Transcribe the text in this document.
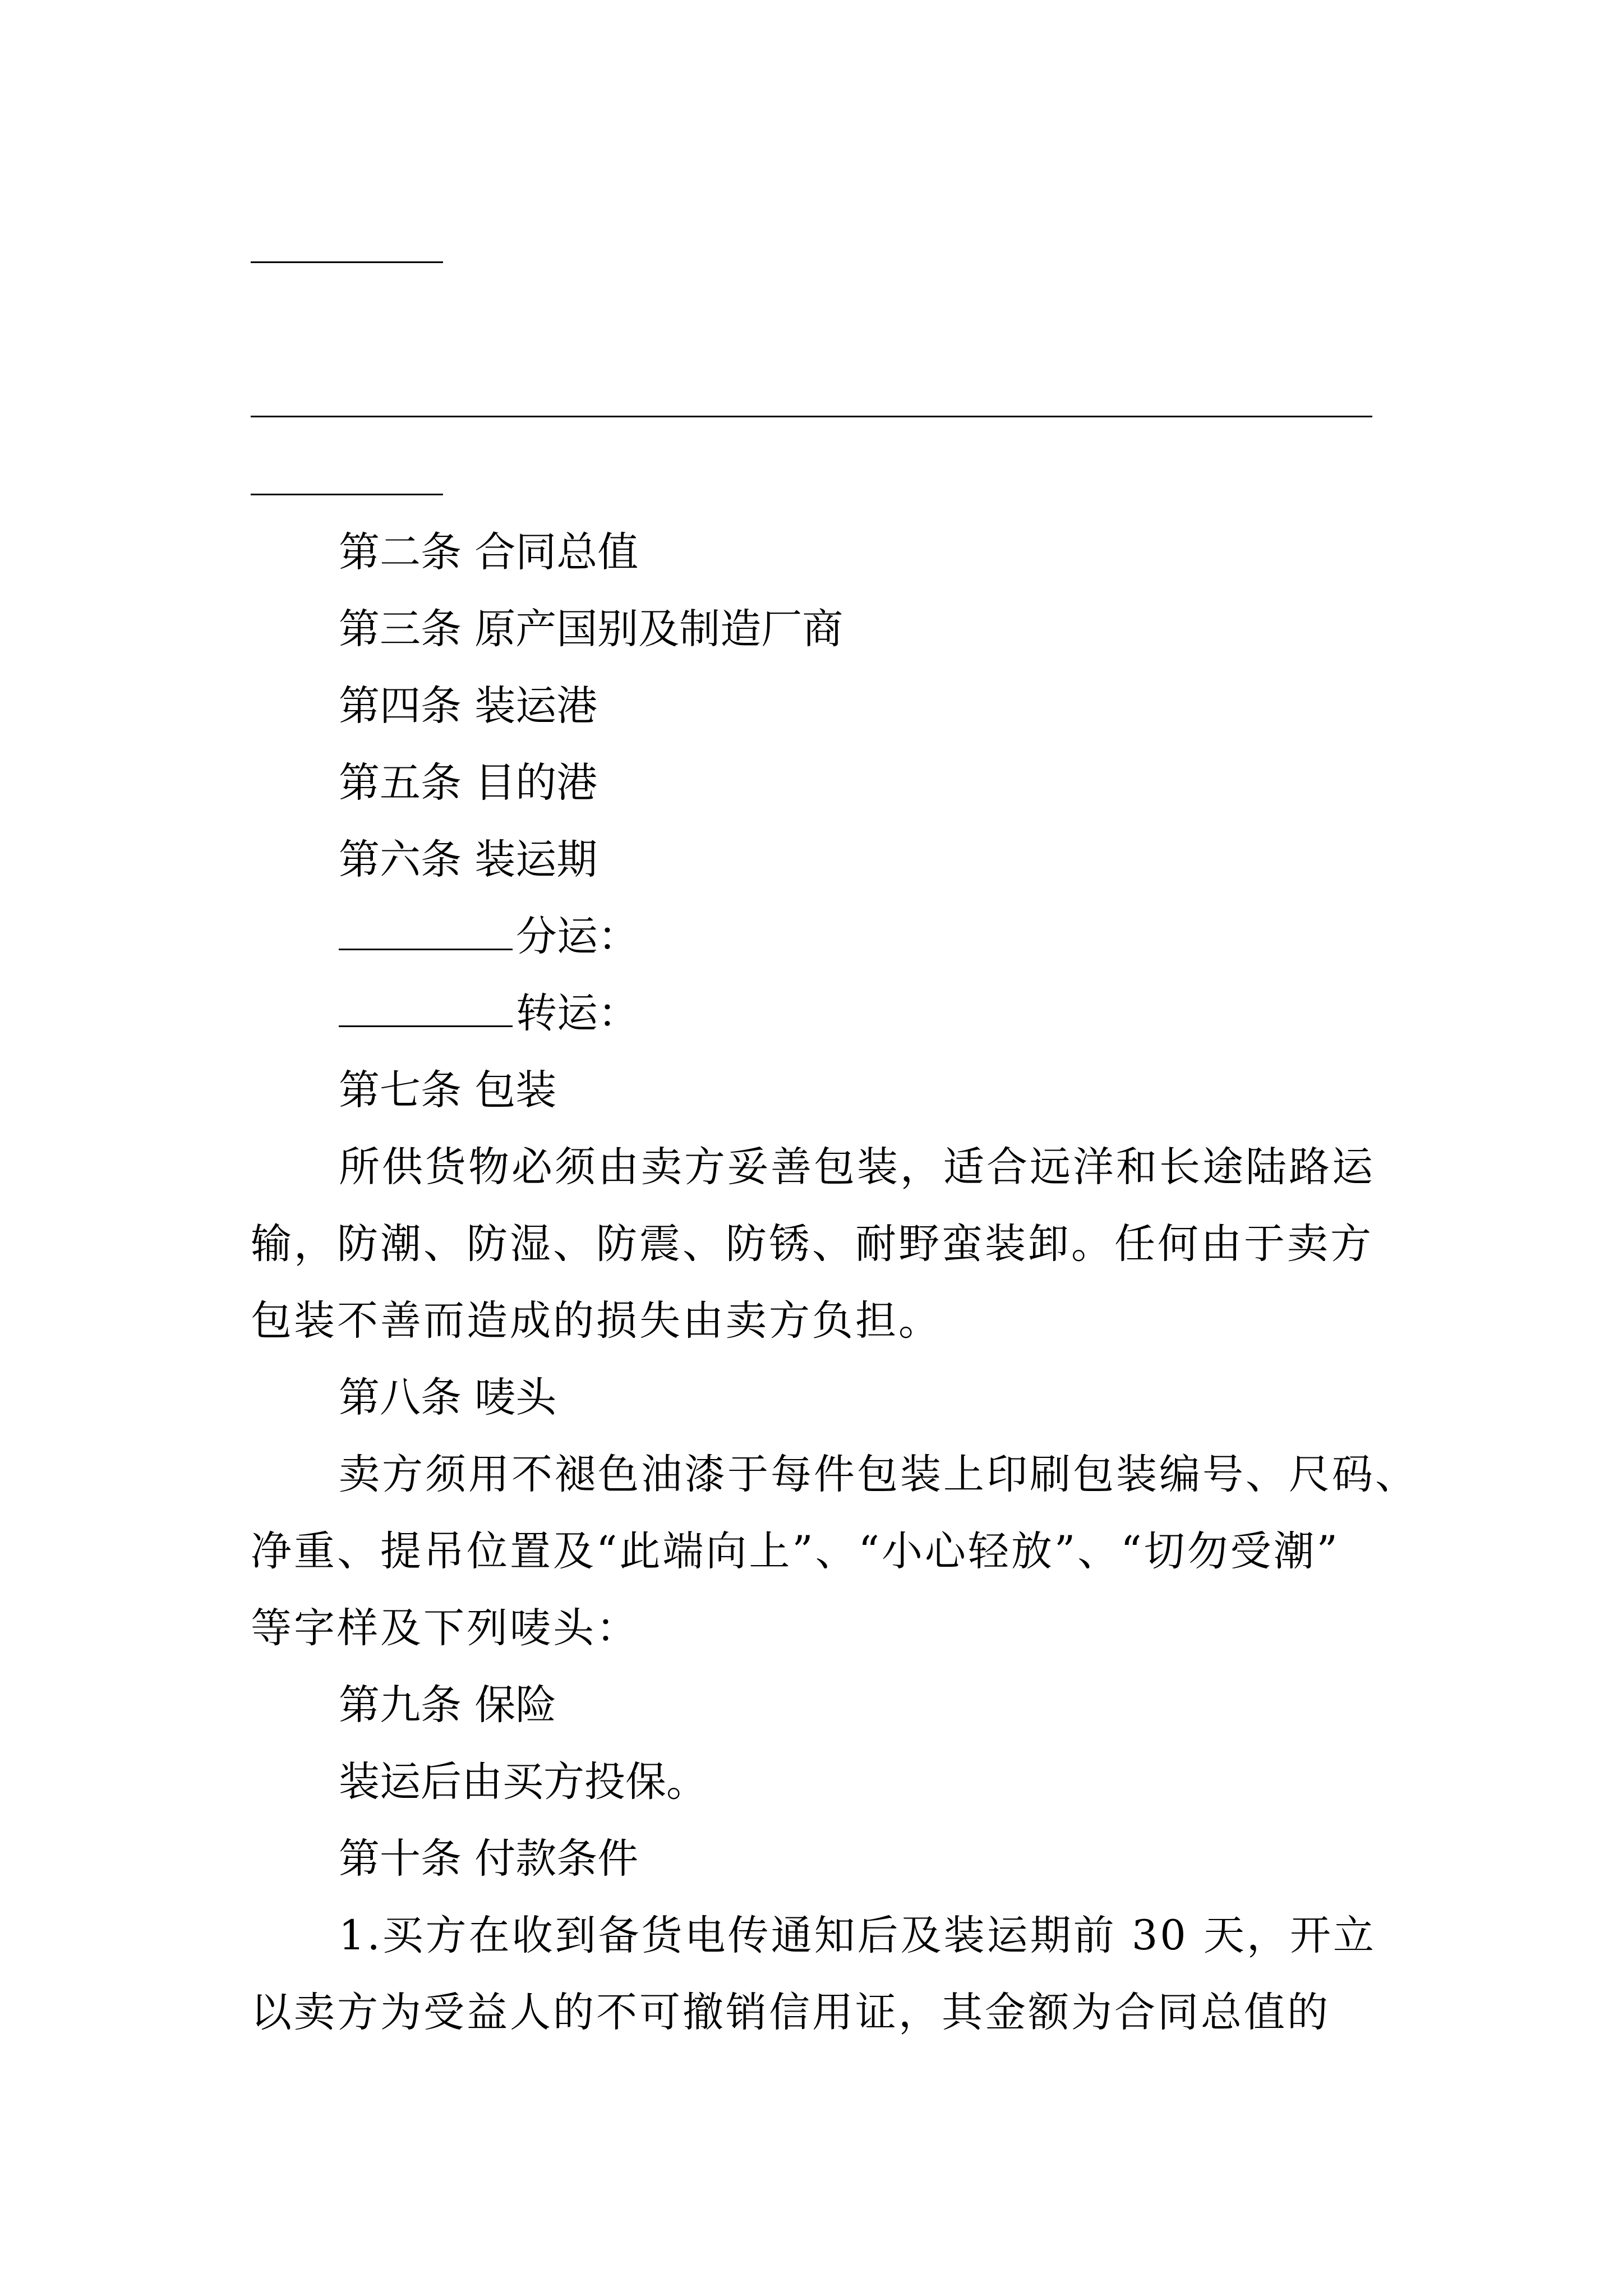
第二条 合同总值
第三条 原产国别及制造厂商
第四条 装运港
第五条 目的港
第六条 装运期
分运：
转运：
第七条 包装
所供货物必须由卖方妥善包装，适合远洋和长途陆路运
输，防潮、防湿、防震、防锈、耐野蛮装卸。任何由于卖方
包装不善而造成的损失由卖方负担。
第八条 唛头
卖方须用不褪色油漆于每件包装上印刷包装编号、尺码、
净重、提吊位置及“此端向上”、“小心轻放”、“切勿受潮”
等字样及下列唛头：
第九条 保险
装运后由买方投保。
第十条 付款条件
1.买方在收到备货电传通知后及装运期前 30 天，开立
以卖方为受益人的不可撤销信用证，其金额为合同总值的
